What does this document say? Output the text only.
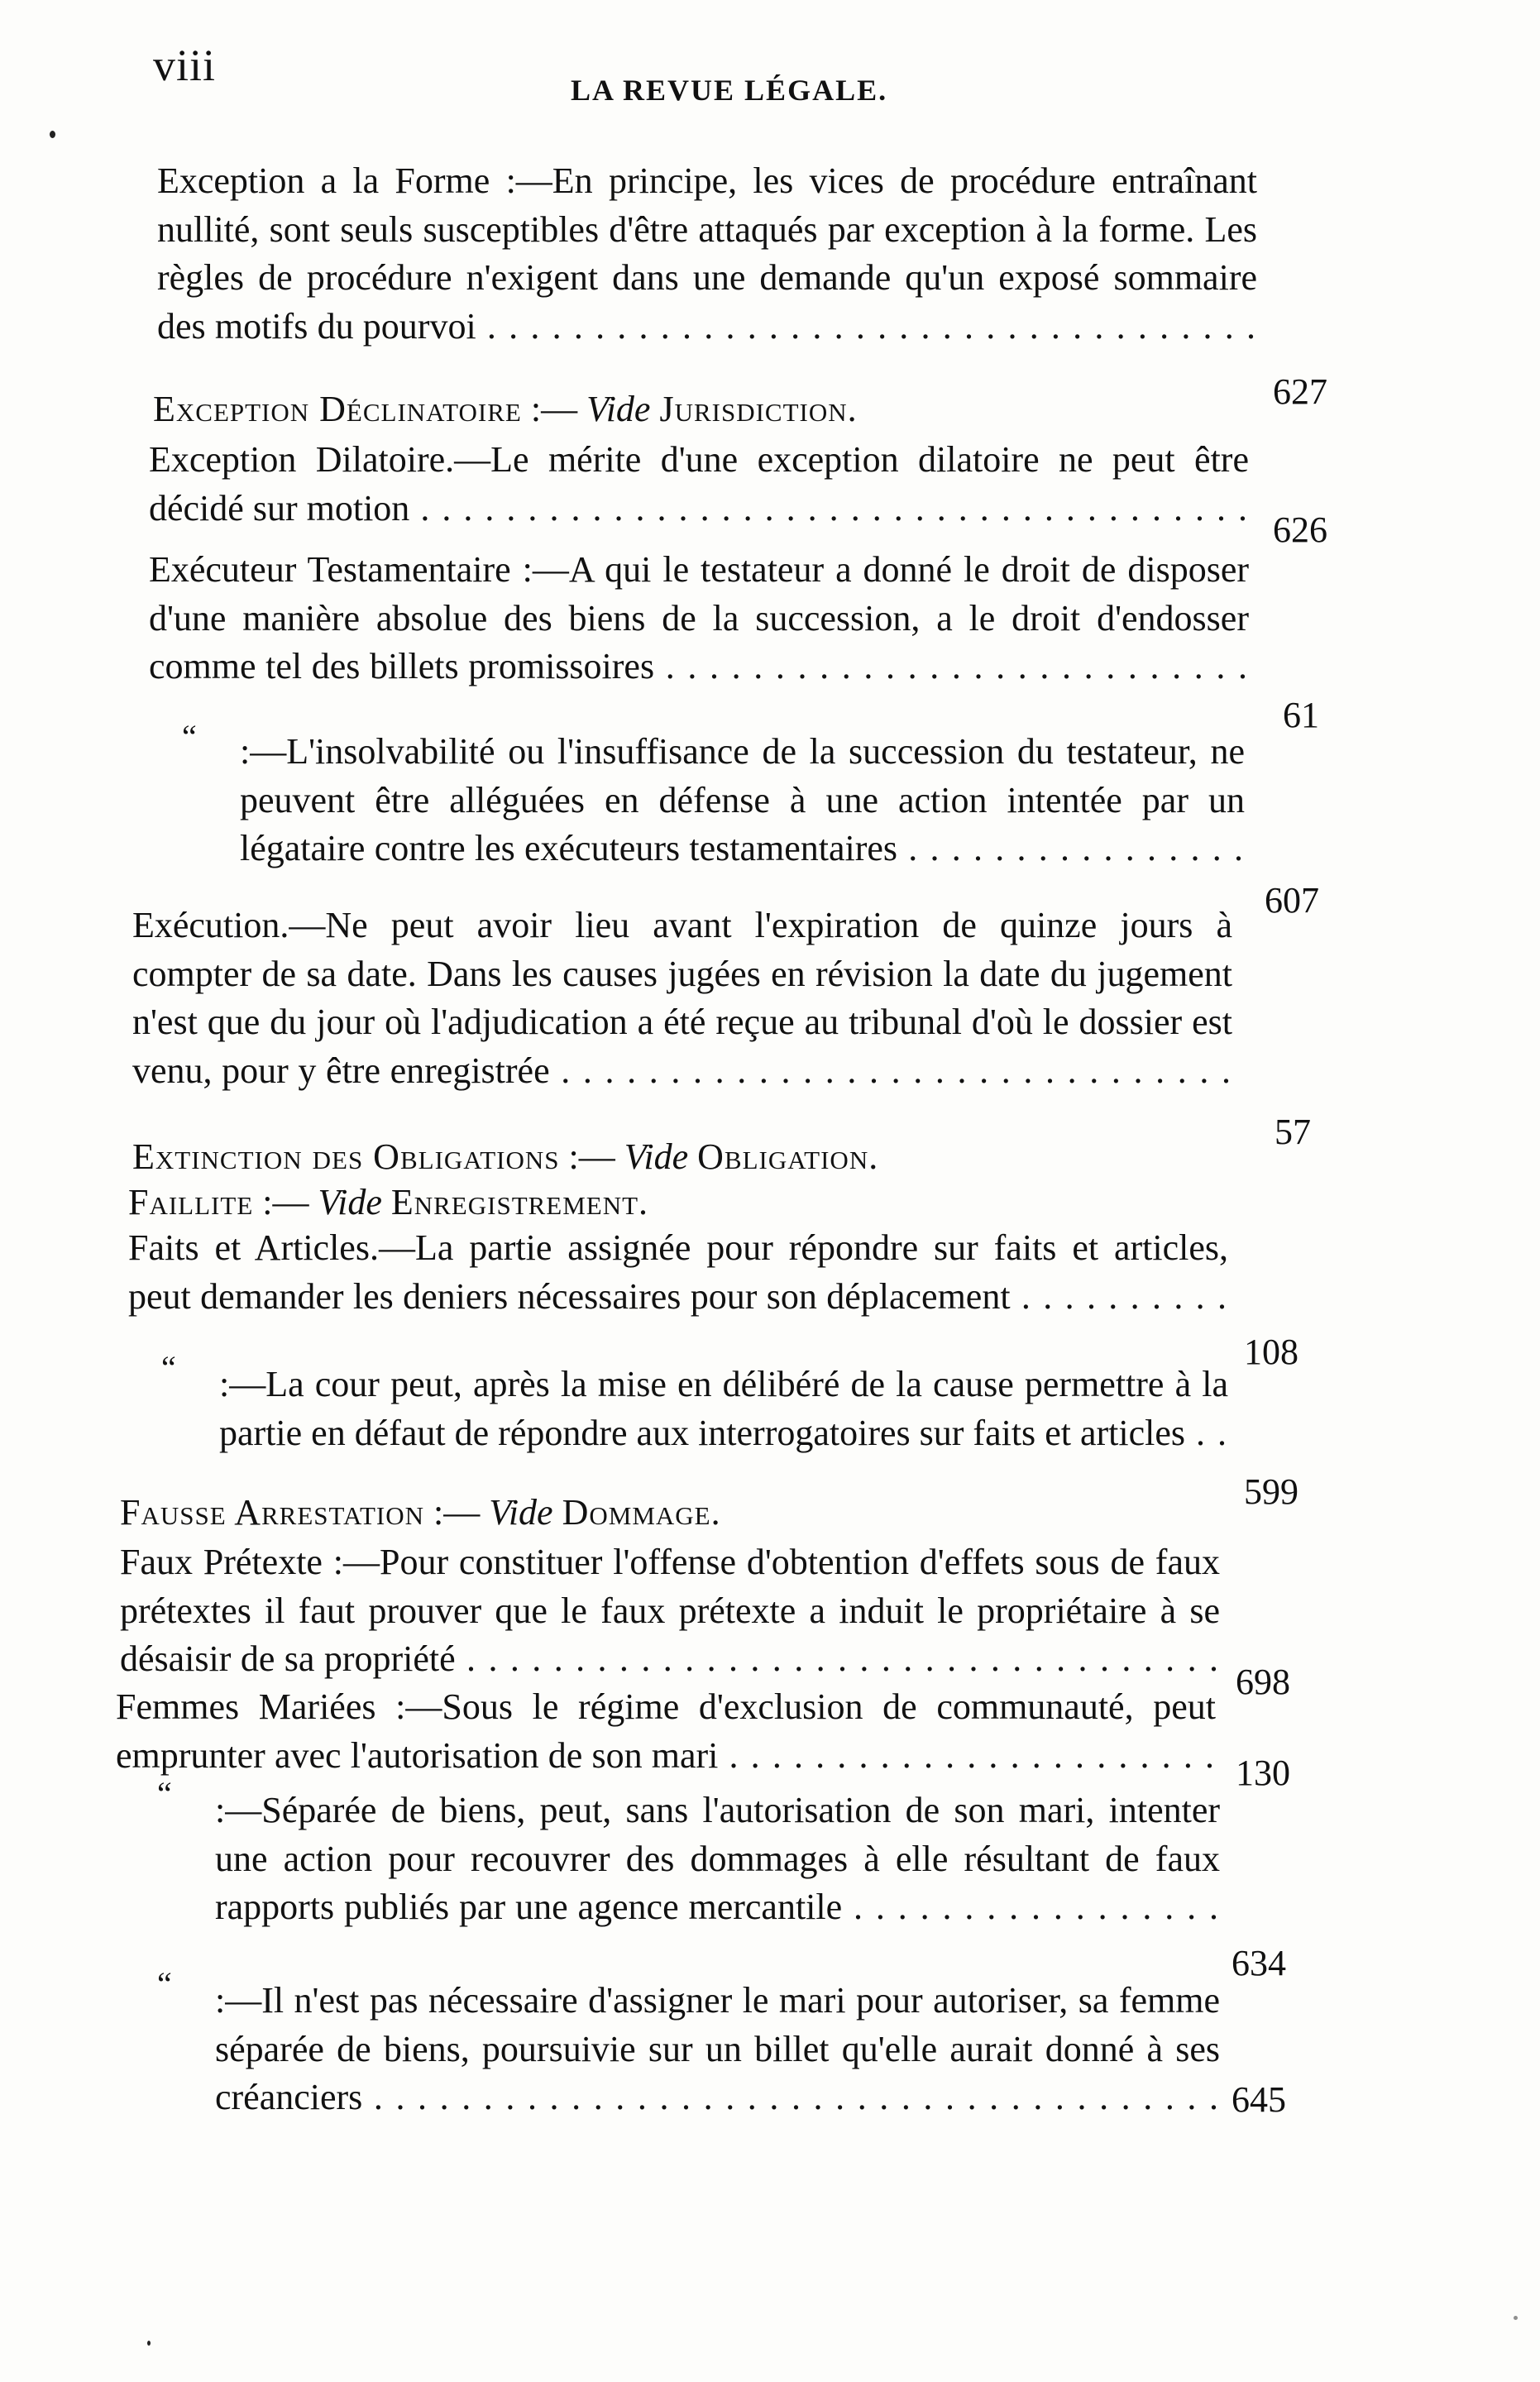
viii	LA REVUE LÉGALE.

Exception a la Forme :—En principe, les vices de procédure entraînant nullité, sont seuls susceptibles d'être attaqués par exception à la forme. Les règles de procédure n'exigent dans une demande qu'un exposé sommaire des motifs du pourvoi . . . . . . . . . . . . . . . . . . . . . . . . . . . . . . . . . . . .
627
Exception Déclinatoire :— Vide Jurisdiction.
Exception Dilatoire.—Le mérite d'une exception dilatoire ne peut être décidé sur motion . . . . . . . . . . . . . . . . . . . . . . . . . . . . . . . . . . . . . . .
626
Exécuteur Testamentaire :—A qui le testateur a donné le droit de disposer d'une manière absolue des biens de la succession, a le droit d'endosser comme tel des billets promissoires . . . . . . . . . . . . . . . . . . . . . . . . . . .
61
“ :—L'insolvabilité ou l'insuffisance de la succession du testateur, ne peuvent être alléguées en défense à une action intentée par un légataire contre les exécuteurs testamentaires . . . . . . . . . . . . . . . .
607
Exécution.—Ne peut avoir lieu avant l'expiration de quinze jours à compter de sa date. Dans les causes jugées en révision la date du jugement n'est que du jour où l'adjudication a été reçue au tribunal d'où le dossier est venu, pour y être enregistrée . . . . . . . . . . . . . . . . . . . . . . . . . . . . . . .
57
Extinction des Obligations :— Vide Obligation.
Faillite :— Vide Enregistrement.
Faits et Articles.—La partie assignée pour répondre sur faits et articles, peut demander les deniers nécessaires pour son déplacement . . . . . . . . . .
108
“ :—La cour peut, après la mise en délibéré de la cause permettre à la partie en défaut de répondre aux interrogatoires sur faits et articles . .
599
Fausse Arrestation :— Vide Dommage.
Faux Prétexte :—Pour constituer l'offense d'obtention d'effets sous de faux prétextes il faut prouver que le faux prétexte a induit le propriétaire à se désaisir de sa propriété . . . . . . . . . . . . . . . . . . . . . . . . . . . . . . . . . . .
698
Femmes Mariées :—Sous le régime d'exclusion de communauté, peut emprunter avec l'autorisation de son mari . . . . . . . . . . . . . . . . . . . . . . . 130
“ :—Séparée de biens, peut, sans l'autorisation de son mari, intenter une action pour recouvrer des dommages à elle résultant de faux rapports publiés par une agence mercantile . . . . . . . . . . . . . . . . .
634
“ :—Il n'est pas nécessaire d'assigner le mari pour autoriser, sa femme séparée de biens, poursuivie sur un billet qu'elle aurait donné à ses créanciers . . . . . . . . . . . . . . . . . . . . . . . . . . . . . . . . . . . . . . . 645
